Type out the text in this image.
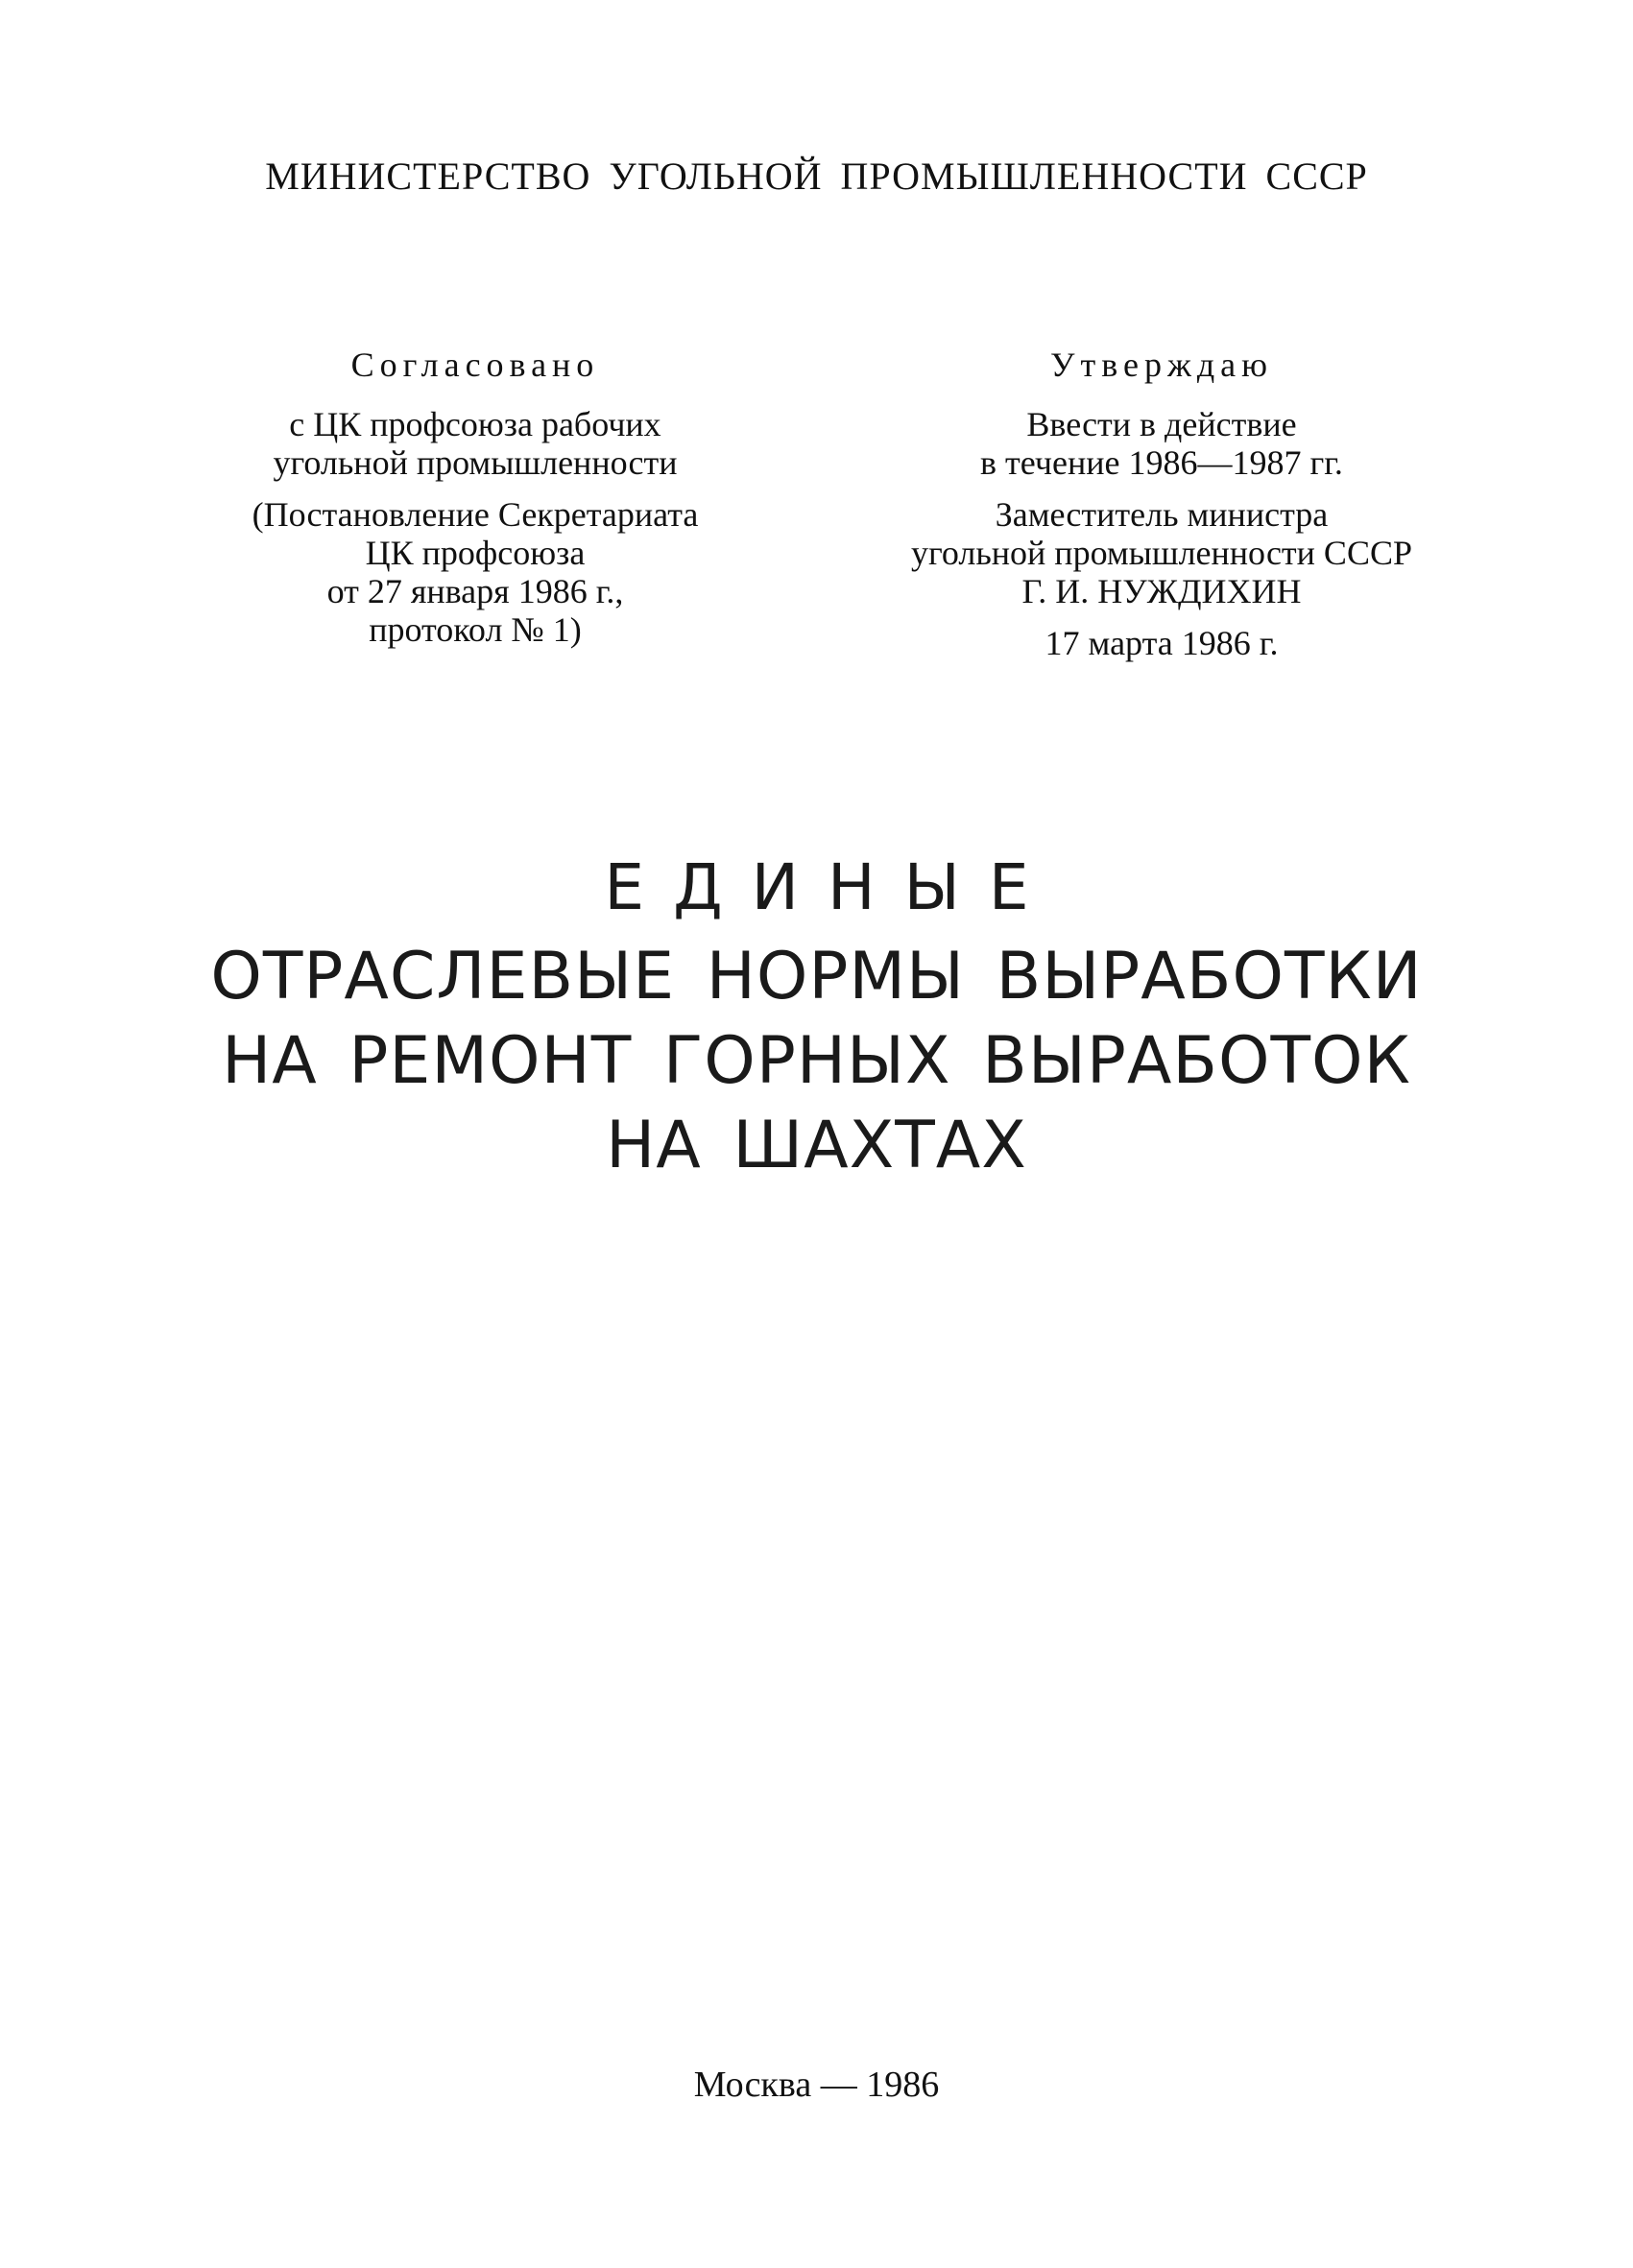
МИНИСТЕРСТВО УГОЛЬНОЙ ПРОМЫШЛЕННОСТИ СССР
Согласовано
с ЦК профсоюза рабочих
угольной промышленности
(Постановление Секретариата
ЦК профсоюза
от 27 января 1986 г.,
протокол № 1)
Утверждаю
Ввести в действие
в течение 1986—1987 гг.
Заместитель министра
угольной промышленности СССР
Г. И. НУЖДИХИН
17 марта 1986 г.
ЕДИНЫЕ
ОТРАСЛЕВЫЕ НОРМЫ ВЫРАБОТКИ
НА РЕМОНТ ГОРНЫХ ВЫРАБОТОК
НА ШАХТАХ
Москва — 1986
